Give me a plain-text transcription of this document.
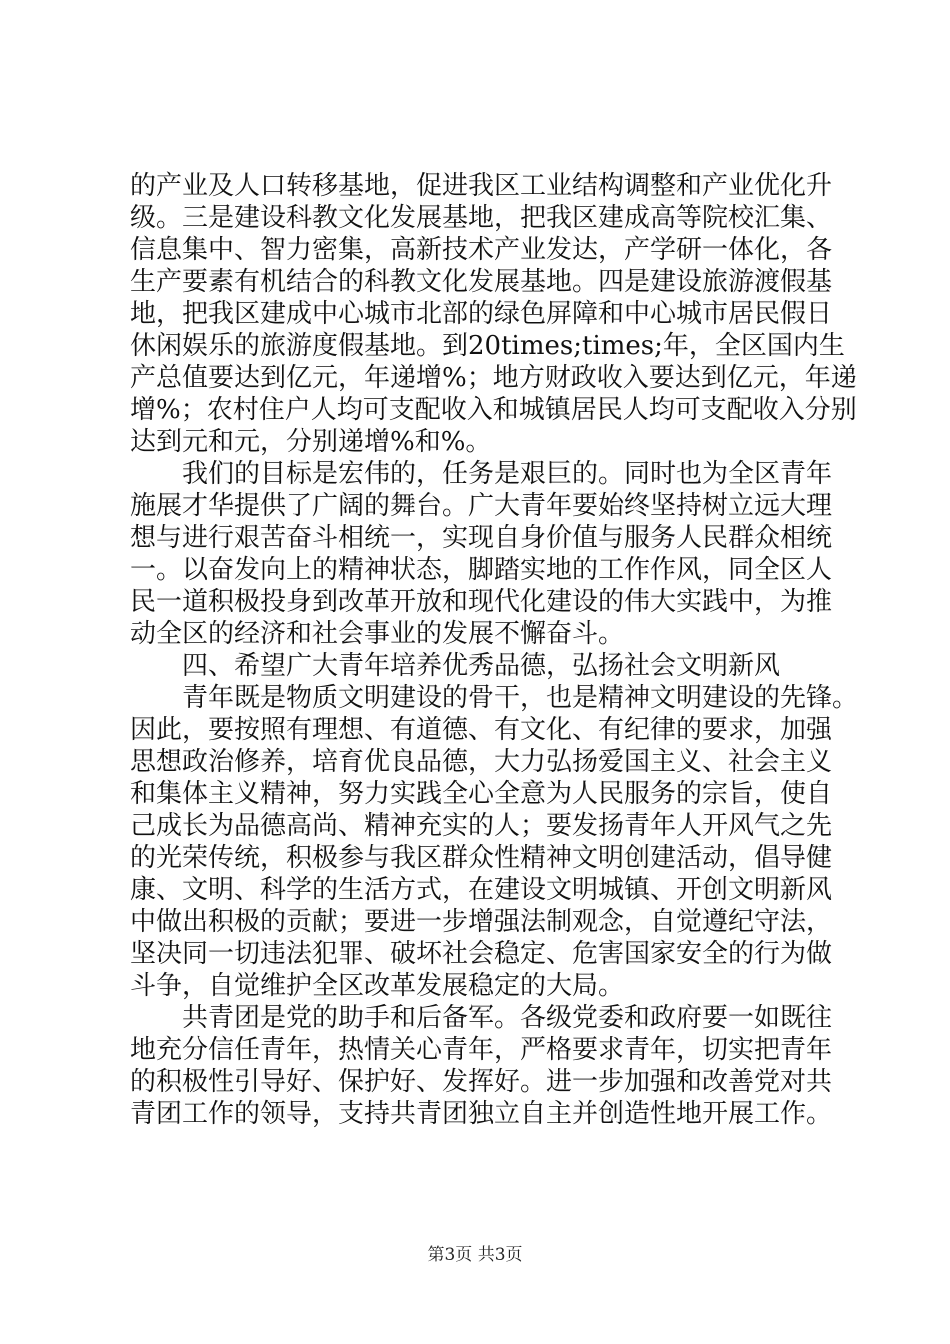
的产业及人口转移基地，促进我区工业结构调整和产业优化升
级。三是建设科教文化发展基地，把我区建成高等院校汇集、
信息集中、智力密集，高新技术产业发达，产学研一体化，各
生产要素有机结合的科教文化发展基地。四是建设旅游渡假基
地，把我区建成中心城市北部的绿色屏障和中心城市居民假日
休闲娱乐的旅游度假基地。到20times;times;年，全区国内生
产总值要达到亿元，年递增%；地方财政收入要达到亿元，年递
增%；农村住户人均可支配收入和城镇居民人均可支配收入分别
达到元和元，分别递增%和%。
　　我们的目标是宏伟的，任务是艰巨的。同时也为全区青年
施展才华提供了广阔的舞台。广大青年要始终坚持树立远大理
想与进行艰苦奋斗相统一，实现自身价值与服务人民群众相统
一。以奋发向上的精神状态，脚踏实地的工作作风，同全区人
民一道积极投身到改革开放和现代化建设的伟大实践中，为推
动全区的经济和社会事业的发展不懈奋斗。
　　四、希望广大青年培养优秀品德，弘扬社会文明新风
　　青年既是物质文明建设的骨干，也是精神文明建设的先锋。
因此，要按照有理想、有道德、有文化、有纪律的要求，加强
思想政治修养，培育优良品德，大力弘扬爱国主义、社会主义
和集体主义精神，努力实践全心全意为人民服务的宗旨，使自
己成长为品德高尚、精神充实的人；要发扬青年人开风气之先
的光荣传统，积极参与我区群众性精神文明创建活动，倡导健
康、文明、科学的生活方式，在建设文明城镇、开创文明新风
中做出积极的贡献；要进一步增强法制观念，自觉遵纪守法，
坚决同一切违法犯罪、破坏社会稳定、危害国家安全的行为做
斗争，自觉维护全区改革发展稳定的大局。
　　共青团是党的助手和后备军。各级党委和政府要一如既往
地充分信任青年，热情关心青年，严格要求青年，切实把青年
的积极性引导好、保护好、发挥好。进一步加强和改善党对共
青团工作的领导，支持共青团独立自主并创造性地开展工作。
第3页 共3页
